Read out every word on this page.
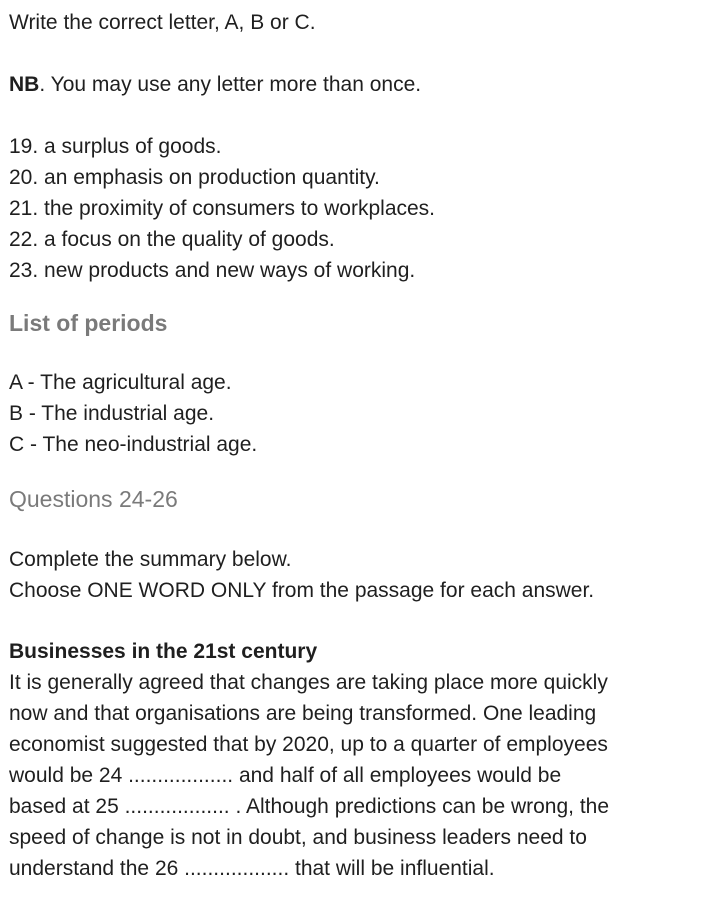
Write the correct letter, A, B or C.
NB. You may use any letter more than once.
19. a surplus of goods.
20. an emphasis on production quantity.
21. the proximity of consumers to workplaces.
22. a focus on the quality of goods.
23. new products and new ways of working.
List of periods
A - The agricultural age.
B - The industrial age.
C - The neo-industrial age.
Questions 24-26
Complete the summary below.
Choose ONE WORD ONLY from the passage for each answer.
Businesses in the 21st century
It is generally agreed that changes are taking place more quickly
now and that organisations are being transformed. One leading
economist suggested that by 2020, up to a quarter of employees
would be 24 .................. and half of all employees would be
based at 25 .................. . Although predictions can be wrong, the
speed of change is not in doubt, and business leaders need to
understand the 26 .................. that will be influential.
